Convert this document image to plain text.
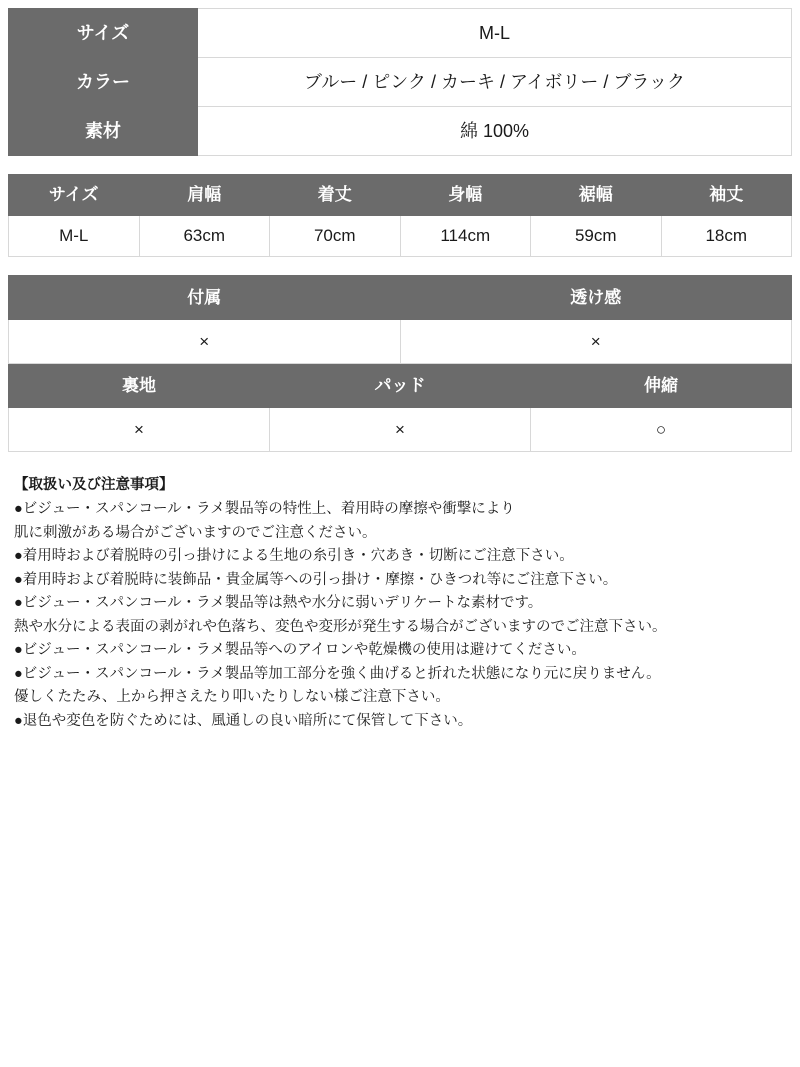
サイズ	M‐L
カラー	ブルー / ピンク / カーキ / アイボリー / ブラック
素材	綿 100%
サイズ	肩幅	着丈	身幅	裾幅	袖丈
M‐L	63cm	70cm	114cm	59cm	18cm
付属		透け感	
×		×	
裏地	パッド		伸縮
×	×		○
【取扱い及び注意事項】

●ビジュー・スパンコール・ラメ製品等の特性上、着用時の摩擦や衝撃により

肌に刺激がある場合がございますのでご注意ください。

●着用時および着脱時の引っ掛けによる生地の糸引き・穴あき・切断にご注意下さい。

●着用時および着脱時に装飾品・貴金属等への引っ掛け・摩擦・ひきつれ等にご注意下さい。

●ビジュー・スパンコール・ラメ製品等は熱や水分に弱いデリケートな素材です。

熱や水分による表面の剥がれや色落ち、変色や変形が発生する場合がございますのでご注意下さい。

●ビジュー・スパンコール・ラメ製品等へのアイロンや乾燥機の使用は避けてください。

●ビジュー・スパンコール・ラメ製品等加工部分を強く曲げると折れた状態になり元に戻りません。

優しくたたみ、上から押さえたり叩いたりしない様ご注意下さい。

●退色や変色を防ぐためには、風通しの良い暗所にて保管して下さい。
